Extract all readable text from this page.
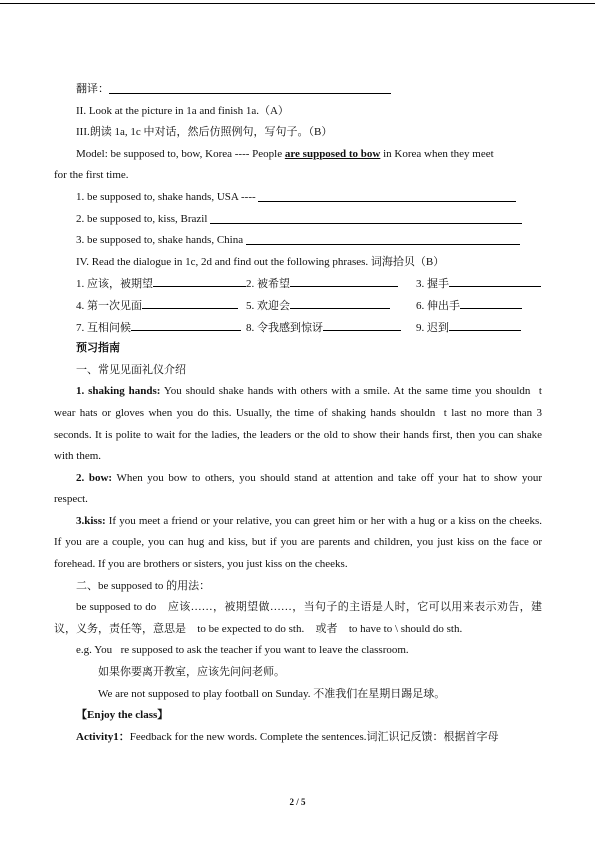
翻译：
II. Look at the picture in 1a and finish 1a.（A）
III.朗读 1a, 1c 中对话，然后仿照例句，写句子。（B）
Model: be supposed to, bow, Korea ---- People are supposed to bow in Korea when they meet
for the first time.
1. be supposed to, shake hands, USA ----
2. be supposed to, kiss, Brazil
3. be supposed to, shake hands, China
IV. Read the dialogue in 1c, 2d and find out the following phrases. 词海拾贝（B）
1. 应该，被期望	2. 被希望	3. 握手
4. 第一次见面	5. 欢迎会	6. 伸出手
7. 互相问候	8. 令我感到惊讶	9. 迟到
预习指南
一、常见见面礼仪介绍
1. shaking hands: You should shake hands with others with a smile. At the same time you shouldn t wear hats or gloves when you do this. Usually, the time of shaking hands shouldn t last no more than 3 seconds. It is polite to wait for the ladies, the leaders or the old to show their hands first, then you can shake with them.
2. bow: When you bow to others, you should stand at attention and take off your hat to show your respect.
3.kiss: If you meet a friend or your relative, you can greet him or her with a hug or a kiss on the cheeks. If you are a couple, you can hug and kiss, but if you are parents and children, you just kiss on the face or forehead. If you are brothers or sisters, you just kiss on the cheeks.
二、be supposed to 的用法：
be supposed to do  应该……，被期望做……，当句子的主语是人时，它可以用来表示劝告，建议，义务，责任等，意思是  to be expected to do sth.  或者  to have to \ should do sth. 
e.g. You re supposed to ask the teacher if you want to leave the classroom.
如果你要离开教室，应该先问问老师。
We are not supposed to play football on Sunday. 不准我们在星期日踢足球。
【Enjoy the class】
Activity1：Feedback for the new words. Complete the sentences.词汇识记反馈：根据首字母
2 / 5
